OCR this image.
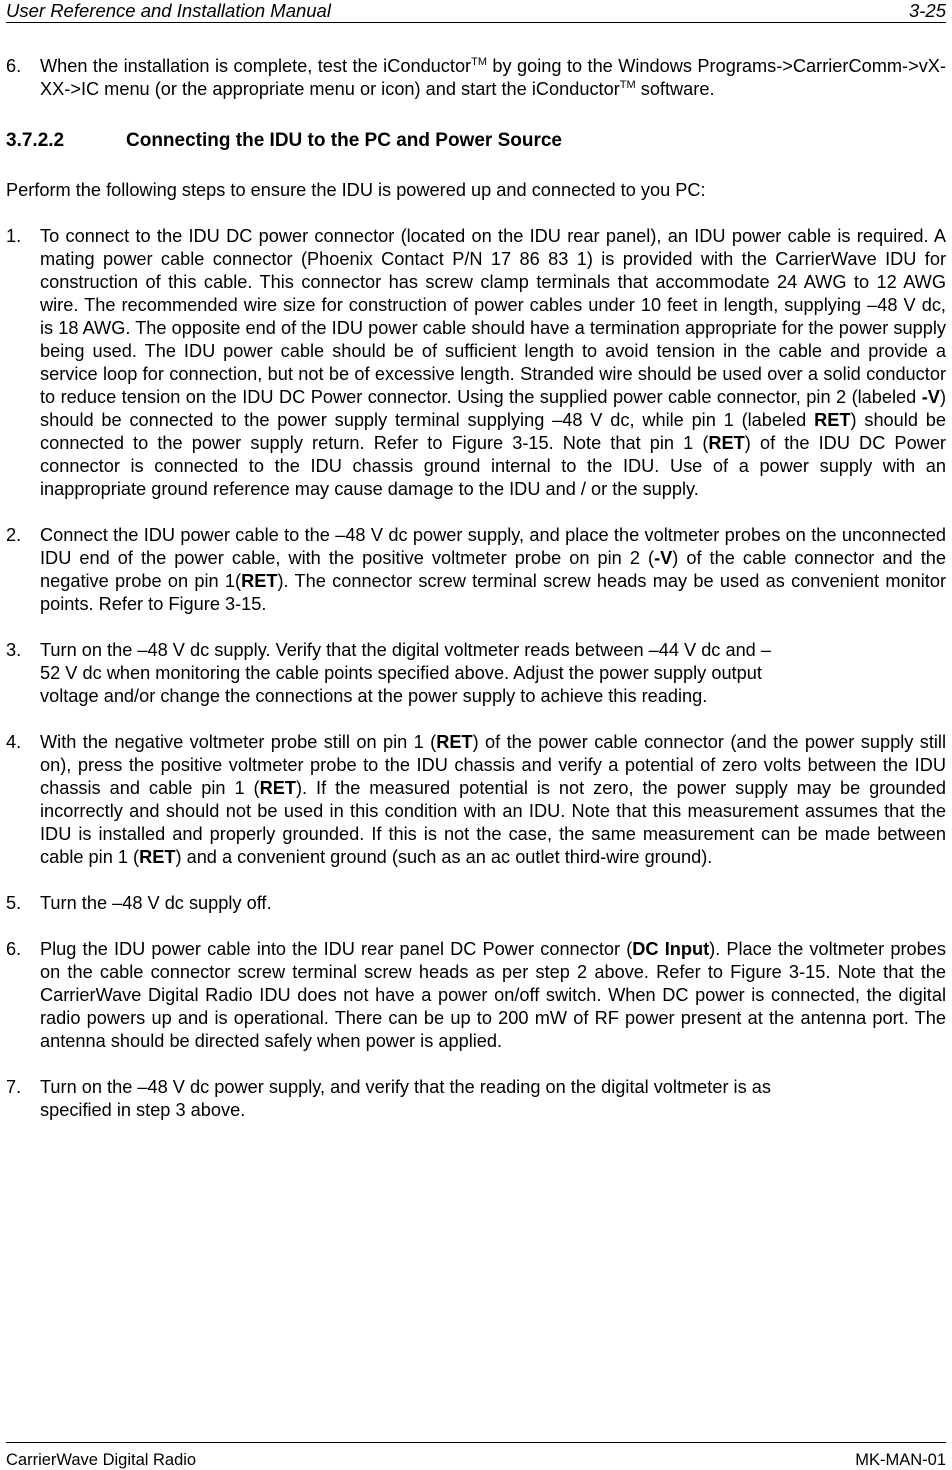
User Reference and Installation Manual	3-25
6. When the installation is complete, test the iConductor™ by going to the Windows Programs->CarrierComm->vX-XX->IC menu (or the appropriate menu or icon) and start the iConductor™ software.
3.7.2.2	Connecting the IDU to the PC and Power Source
Perform the following steps to ensure the IDU is powered up and connected to you PC:
1. To connect to the IDU DC power connector (located on the IDU rear panel), an IDU power cable is required. A mating power cable connector (Phoenix Contact P/N 17 86 83 1) is provided with the CarrierWave IDU for construction of this cable. This connector has screw clamp terminals that accommodate 24 AWG to 12 AWG wire. The recommended wire size for construction of power cables under 10 feet in length, supplying –48 V dc, is 18 AWG. The opposite end of the IDU power cable should have a termination appropriate for the power supply being used. The IDU power cable should be of sufficient length to avoid tension in the cable and provide a service loop for connection, but not be of excessive length. Stranded wire should be used over a solid conductor to reduce tension on the IDU DC Power connector. Using the supplied power cable connector, pin 2 (labeled -V) should be connected to the power supply terminal supplying –48 V dc, while pin 1 (labeled RET) should be connected to the power supply return. Refer to Figure 3-15. Note that pin 1 (RET) of the IDU DC Power connector is connected to the IDU chassis ground internal to the IDU. Use of a power supply with an inappropriate ground reference may cause damage to the IDU and / or the supply.
2. Connect the IDU power cable to the –48 V dc power supply, and place the voltmeter probes on the unconnected IDU end of the power cable, with the positive voltmeter probe on pin 2 (-V) of the cable connector and the negative probe on pin 1(RET). The connector screw terminal screw heads may be used as convenient monitor points. Refer to Figure 3-15.
3. Turn on the –48 V dc supply. Verify that the digital voltmeter reads between –44 V dc and –
52 V dc when monitoring the cable points specified above. Adjust the power supply output
voltage and/or change the connections at the power supply to achieve this reading.
4. With the negative voltmeter probe still on pin 1 (RET) of the power cable connector (and the power supply still on), press the positive voltmeter probe to the IDU chassis and verify a potential of zero volts between the IDU chassis and cable pin 1 (RET). If the measured potential is not zero, the power supply may be grounded incorrectly and should not be used in this condition with an IDU. Note that this measurement assumes that the IDU is installed and properly grounded. If this is not the case, the same measurement can be made between cable pin 1 (RET) and a convenient ground (such as an ac outlet third-wire ground).
5. Turn the –48 V dc supply off.
6. Plug the IDU power cable into the IDU rear panel DC Power connector (DC Input). Place the voltmeter probes on the cable connector screw terminal screw heads as per step 2 above. Refer to Figure 3-15. Note that the CarrierWave Digital Radio IDU does not have a power on/off switch. When DC power is connected, the digital radio powers up and is operational. There can be up to 200 mW of RF power present at the antenna port. The antenna should be directed safely when power is applied.
7. Turn on the –48 V dc power supply, and verify that the reading on the digital voltmeter is as
specified in step 3 above.
CarrierWave Digital Radio	MK-MAN-01
